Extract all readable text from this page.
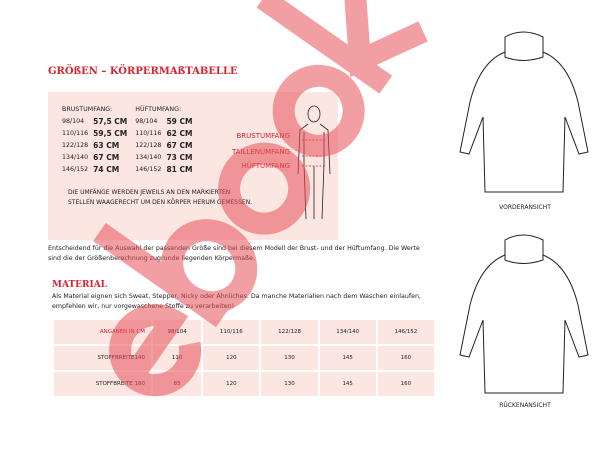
GRÖßEN – KÖRPERMAßTABELLE
BRUSTUMFANG:		HÜFTUMFANG:	
98/104	57,5 CM	98/104	59 CM
110/116	59,5 CM	110/116	62 CM
122/128	63 CM	122/128	67 CM
134/140	67 CM	134/140	73 CM
146/152	74 CM	146/152	81 CM
DIE UMFÄNGE WERDEN JEWEILS AN DEN MARKIERTEN STELLEN WAAGERECHT UM DEN KÖRPER HERUM GEMESSEN.
BRUSTUMFANG
TAILLENUMFANG
HÜFTUMFANG
Entscheidend für die Auswahl der passenden Größe sind bei diesem Modell der Brust- und der Hüftumfang. Die Werte sind die der Größenberechnung zugrunde liegenden Körpermaße.
MATERIAL
Als Material eignen sich Sweat, Stepper, Nicky oder Ähnliches. Da manche Materialien nach dem Waschen einlaufen, empfehlen wir, nur vorgewaschene Stoffe zu verarbeiten!
ANGABEN IN CM	98/104	110/116	122/128	134/140	146/152
STOFFBREITE140	110	120	130	145	160
STOFFBREITE 160	85	120	130	145	160
VORDERANSICHT
RÜCKENANSICHT
